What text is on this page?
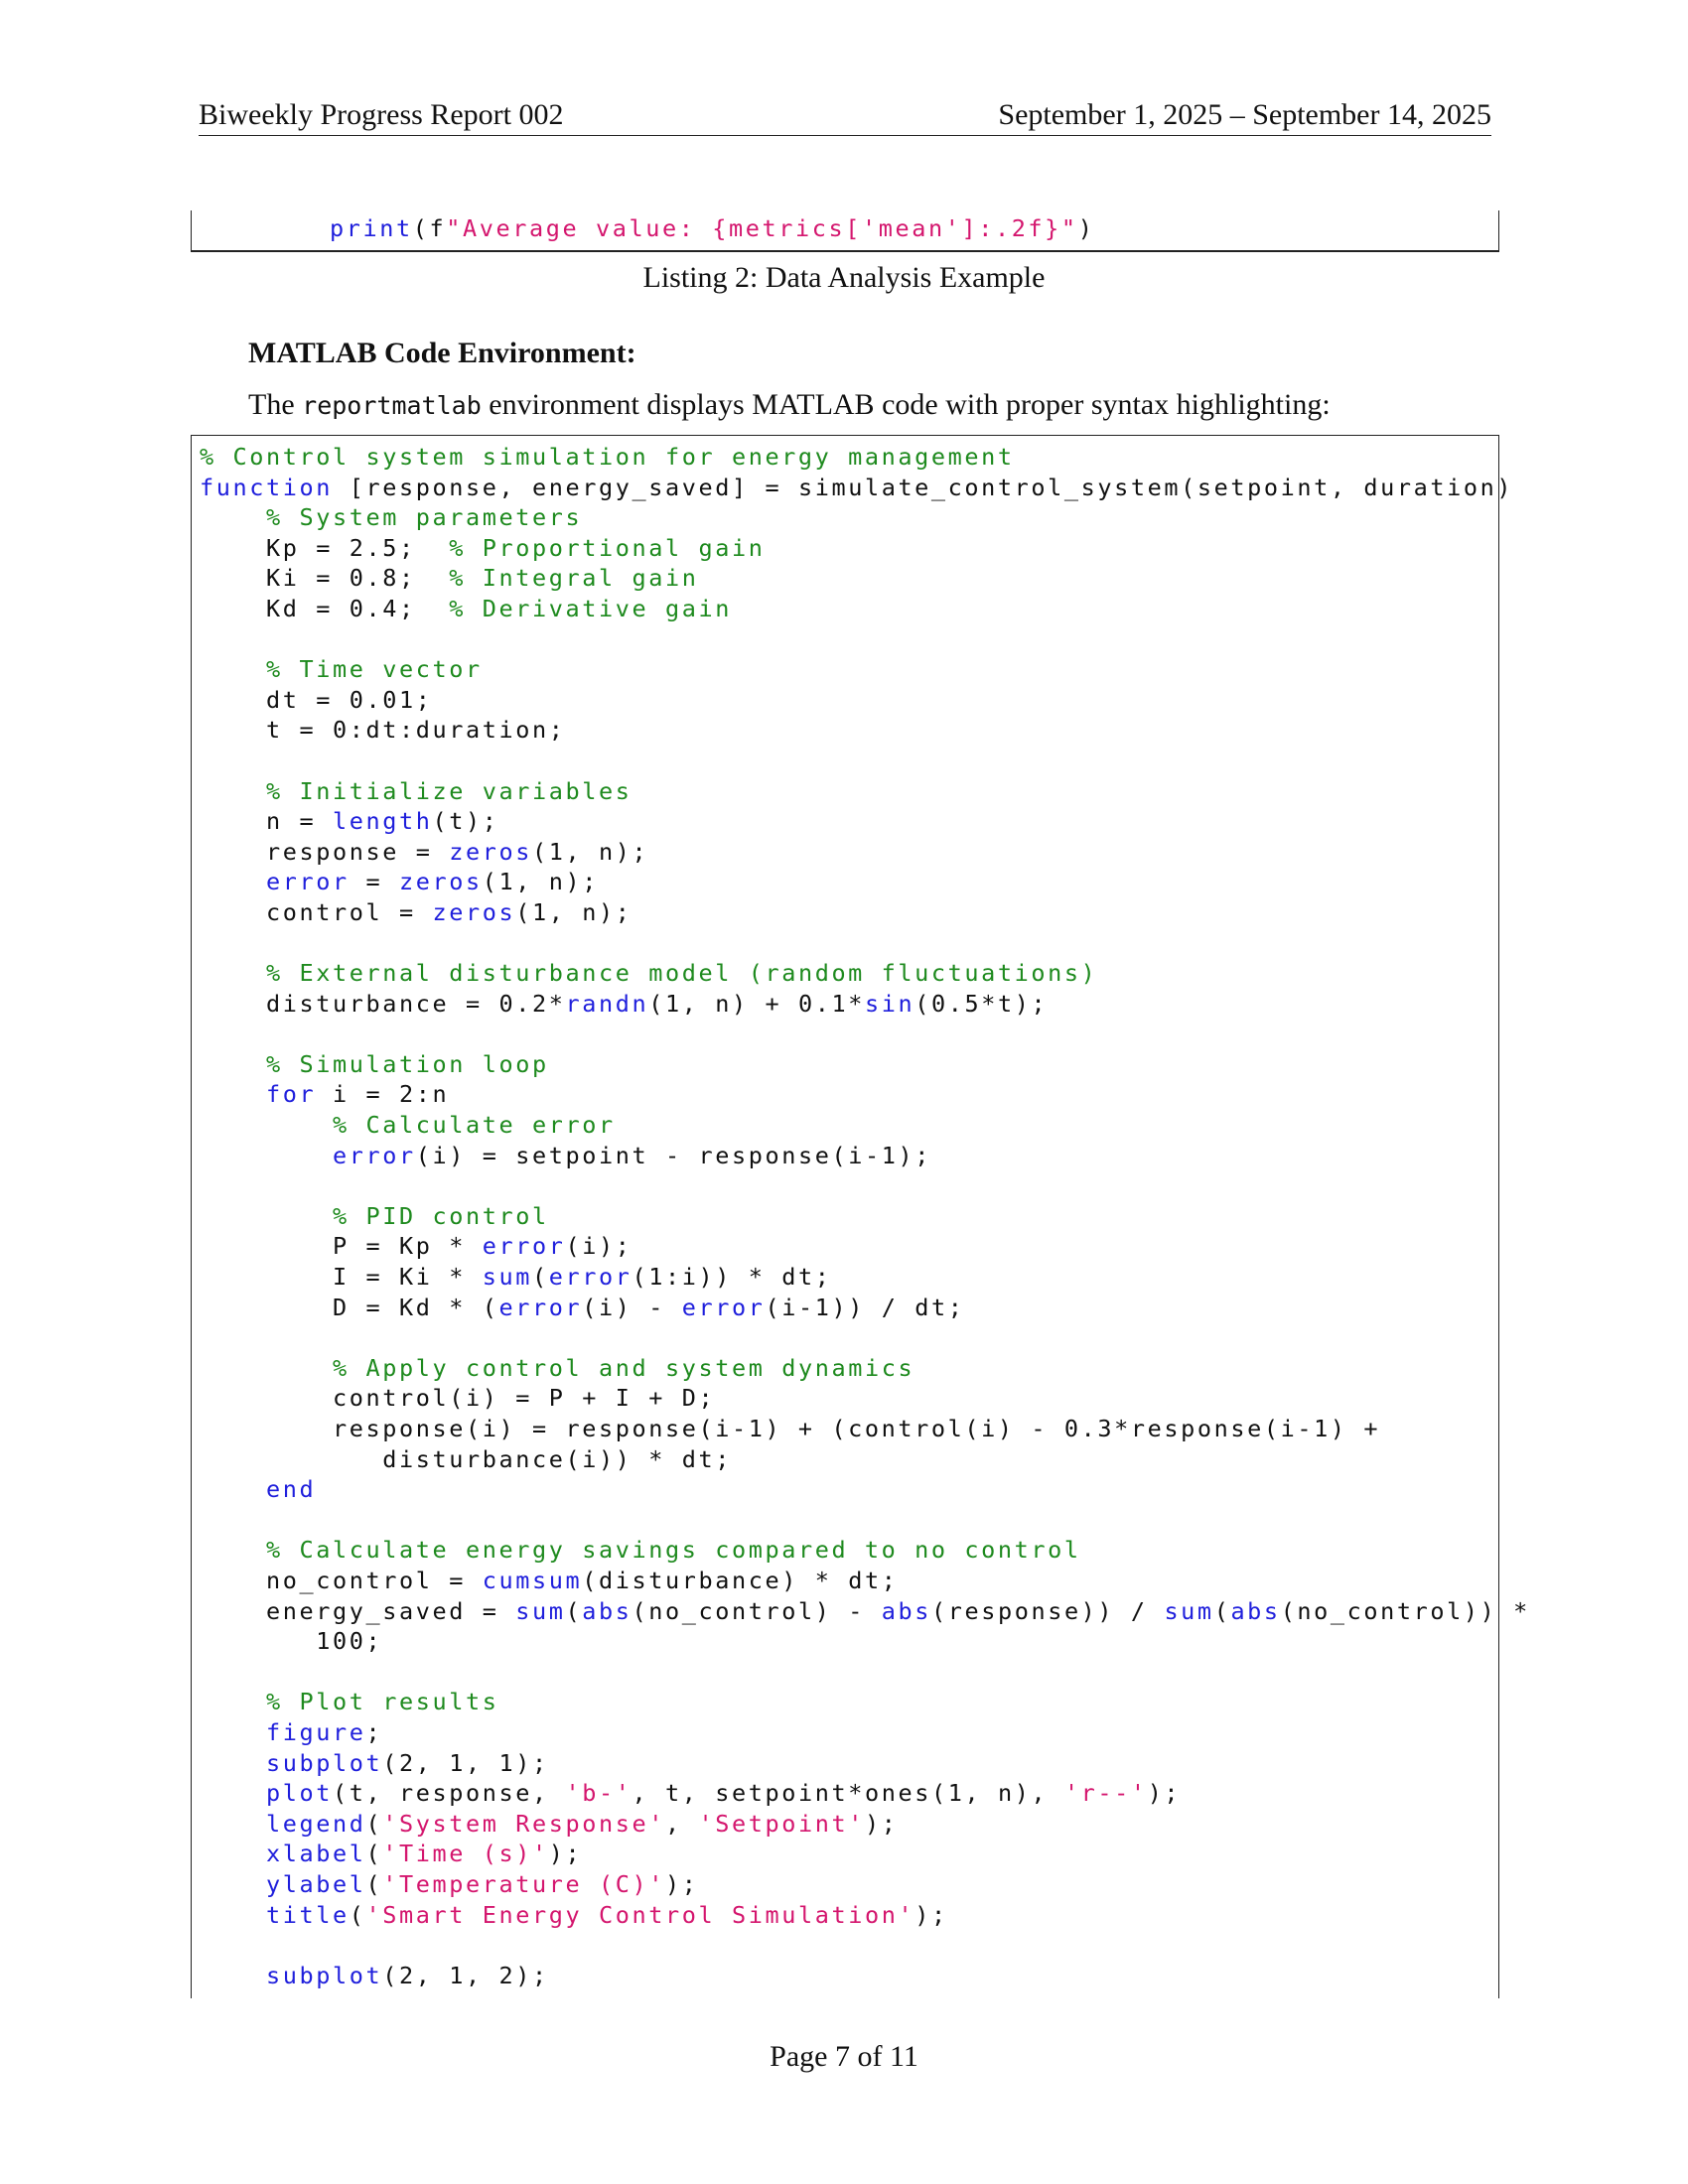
Biweekly Progress Report 002	September 1, 2025 – September 14, 2025
print(f"Average value: {metrics['mean']:.2f}")
Listing 2: Data Analysis Example
MATLAB Code Environment:
The reportmatlab environment displays MATLAB code with proper syntax highlighting:
% Control system simulation for energy management
function [response, energy_saved] = simulate_control_system(setpoint, duration)
% System parameters
Kp = 2.5;  % Proportional gain
Ki = 0.8;  % Integral gain
Kd = 0.4;  % Derivative gain
% Time vector
dt = 0.01;
t = 0:dt:duration;
% Initialize variables
n = length(t);
response = zeros(1, n);
error = zeros(1, n);
control = zeros(1, n);
% External disturbance model (random fluctuations)
disturbance = 0.2*randn(1, n) + 0.1*sin(0.5*t);
% Simulation loop
for i = 2:n
% Calculate error
error(i) = setpoint - response(i-1);
% PID control
P = Kp * error(i);
I = Ki * sum(error(1:i)) * dt;
D = Kd * (error(i) - error(i-1)) / dt;
% Apply control and system dynamics
control(i) = P + I + D;
response(i) = response(i-1) + (control(i) - 0.3*response(i-1) +
disturbance(i)) * dt;
end
% Calculate energy savings compared to no control
no_control = cumsum(disturbance) * dt;
energy_saved = sum(abs(no_control) - abs(response)) / sum(abs(no_control)) *
100;
% Plot results
figure;
subplot(2, 1, 1);
plot(t, response, 'b-', t, setpoint*ones(1, n), 'r--');
legend('System Response', 'Setpoint');
xlabel('Time (s)');
ylabel('Temperature (C)');
title('Smart Energy Control Simulation');
subplot(2, 1, 2);
Page 7 of 11
